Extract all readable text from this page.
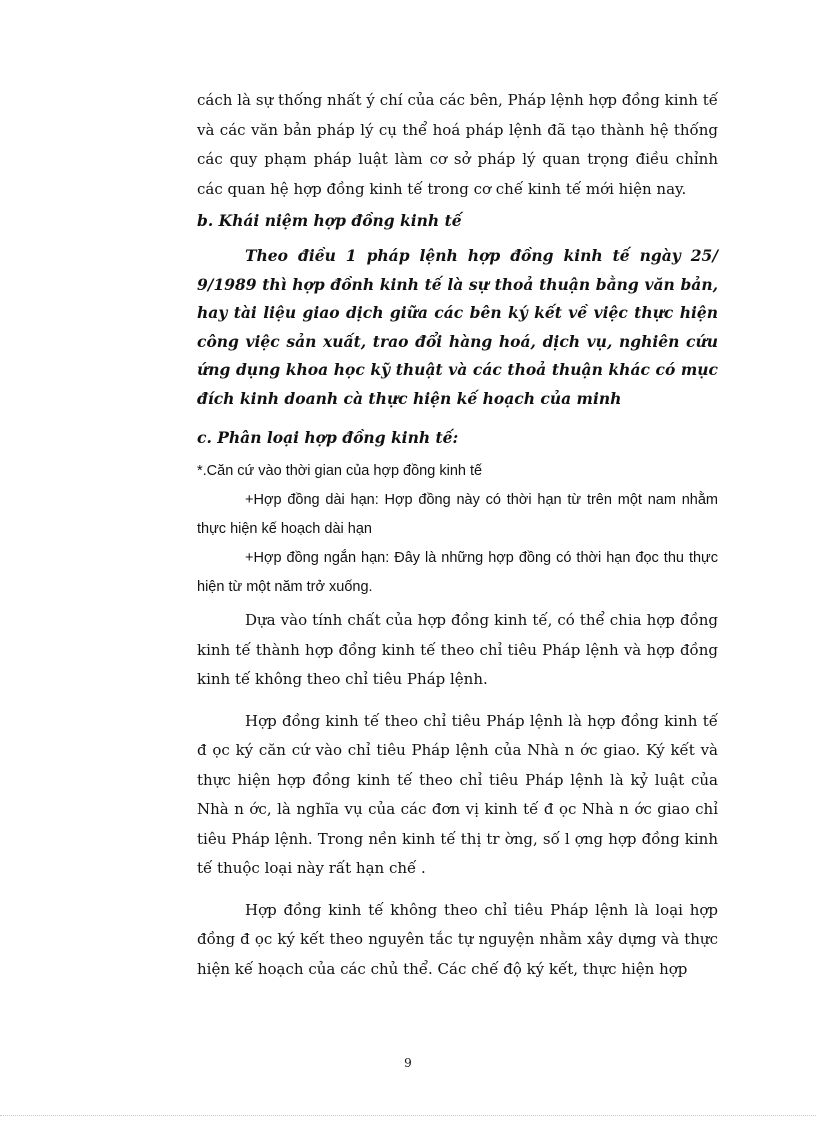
cách là sự thống nhất ý chí của các bên, Pháp lệnh hợp đồng kinh tế và các văn bản pháp lý cụ thể hoá pháp lệnh đã tạo thành hệ thống các quy phạm pháp luật làm cơ sở pháp lý quan trọng điều chỉnh các quan hệ hợp đồng kinh tế trong cơ chế kinh tế mới hiện nay.

b. Khái niệm hợp đồng kinh tế

Theo điều 1 pháp lệnh hợp đồng kinh tế ngày 25/ 9/1989 thì hợp đồnh kinh tế là sự thoả thuận bằng văn bản, hay tài liệu giao dịch giữa các bên ký kết về việc thực hiện công việc sản xuất, trao đổi hàng hoá, dịch vụ, nghiên cứu ứng dụng khoa học kỹ thuật và các thoả thuận khác có mục đích kinh doanh cà thực hiện kế hoạch của minh

c. Phân loại hợp đồng kinh tế:

*.Căn cứ vào thời gian của hợp đồng kinh tế

+Hợp đồng dài hạn: Hợp đồng này có thời hạn từ trên một nam nhằm thực hiện kế hoạch dài hạn

+Hợp đồng ngắn hạn: Đây là những hợp đồng có thời hạn đọc thu thực hiện từ một năm trở xuống.

Dựa vào tính chất của hợp đồng kinh tế, có thể chia hợp đồng kinh tế thành hợp đồng kinh tế theo chỉ tiêu Pháp lệnh và hợp đồng kinh tế không theo chỉ tiêu Pháp lệnh.

Hợp đồng kinh tế theo chỉ tiêu Pháp lệnh là hợp đồng kinh tế đ ọc ký căn cứ vào chỉ tiêu Pháp lệnh của Nhà n ớc giao. Ký kết và thực hiện hợp đồng kinh tế theo chỉ tiêu Pháp lệnh là kỷ luật của Nhà n ớc, là nghĩa vụ của các đơn vị kinh tế đ ọc Nhà n ớc giao chỉ tiêu Pháp lệnh. Trong nền kinh tế thị tr ờng, số l ợng hợp đồng kinh tế thuộc loại này rất hạn chế .

Hợp đồng kinh tế không theo chỉ tiêu Pháp lệnh là loại hợp đồng đ ọc ký kết theo nguyên tắc tự nguyện nhằm xây dựng và thực hiện kế hoạch của các chủ thể. Các chế độ ký kết, thực hiện hợp

9
